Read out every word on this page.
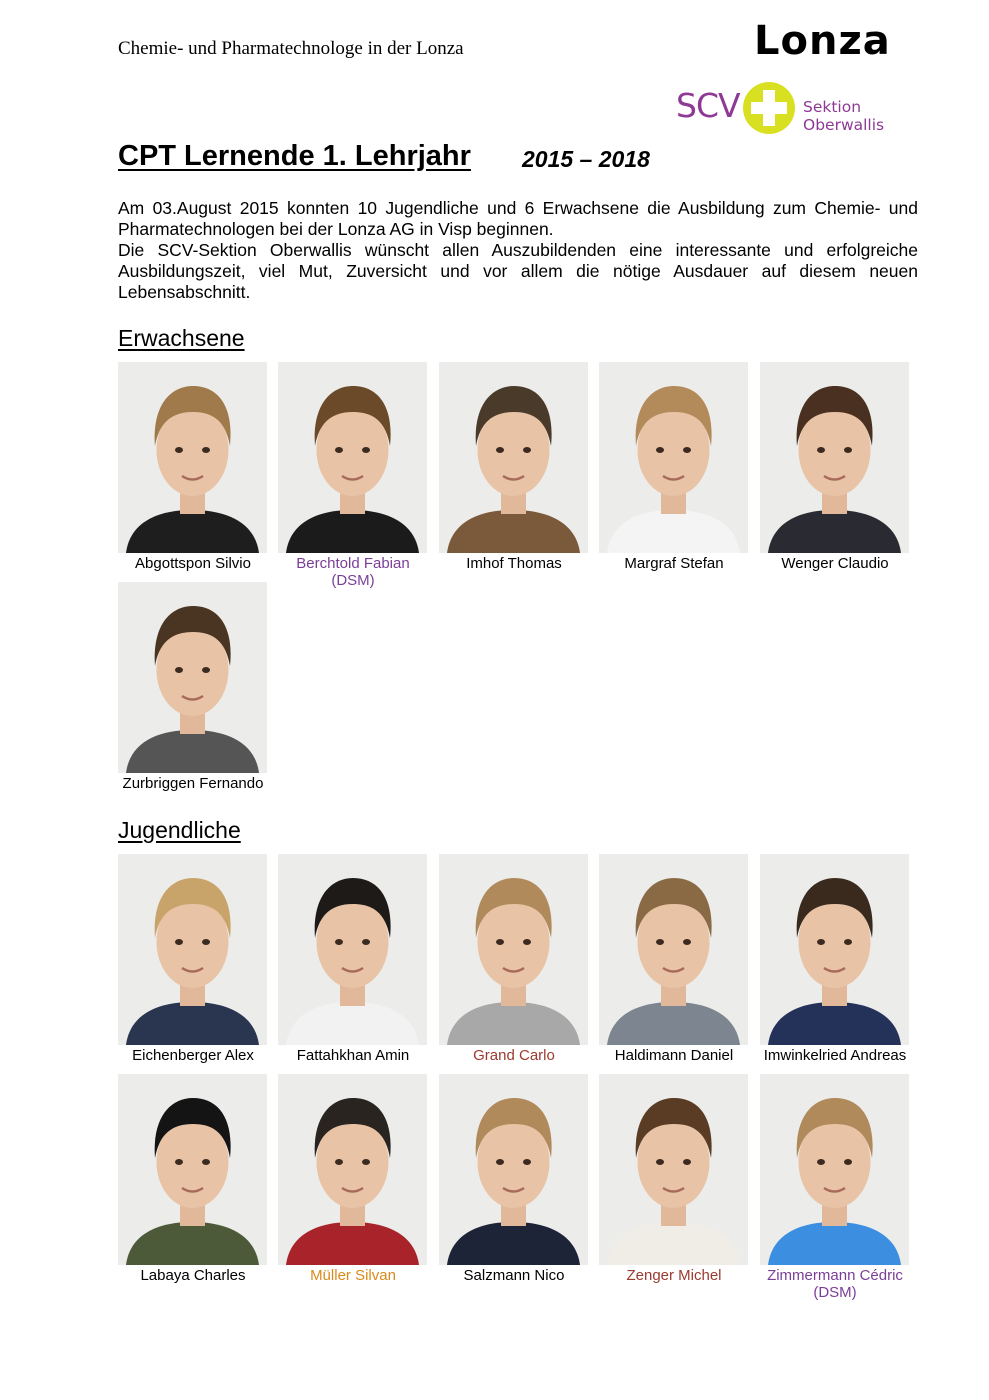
Chemie- und Pharmatechnologe in der Lonza	Lonza
SCV	Sektion Oberwallis
CPT Lernende 1. Lehrjahr 2015 – 2018

Am 03.August 2015 konnten 10 Jugendliche und 6 Erwachsene die Ausbildung zum Chemie- und Pharmatechnologen bei der Lonza AG in Visp beginnen.

Die SCV-Sektion Oberwallis wünscht allen Auszubildenden eine interessante und erfolgreiche Ausbildungszeit, viel Mut, Zuversicht und vor allem die nötige Ausdauer auf diesem neuen Lebensabschnitt.

Erwachsene
Abgottspon Silvio	Berchtold Fabian (DSM)
Imhof Thomas	Margraf Stefan	Wenger Claudio
Zurbriggen Fernando
Jugendliche
Eichenberger Alex	Fattahkhan Amin	Grand Carlo	Haldimann Daniel	Imwinkelried Andreas
Labaya Charles	Müller Silvan	Salzmann Nico	Zenger Michel	Zimmermann Cédric (DSM)
